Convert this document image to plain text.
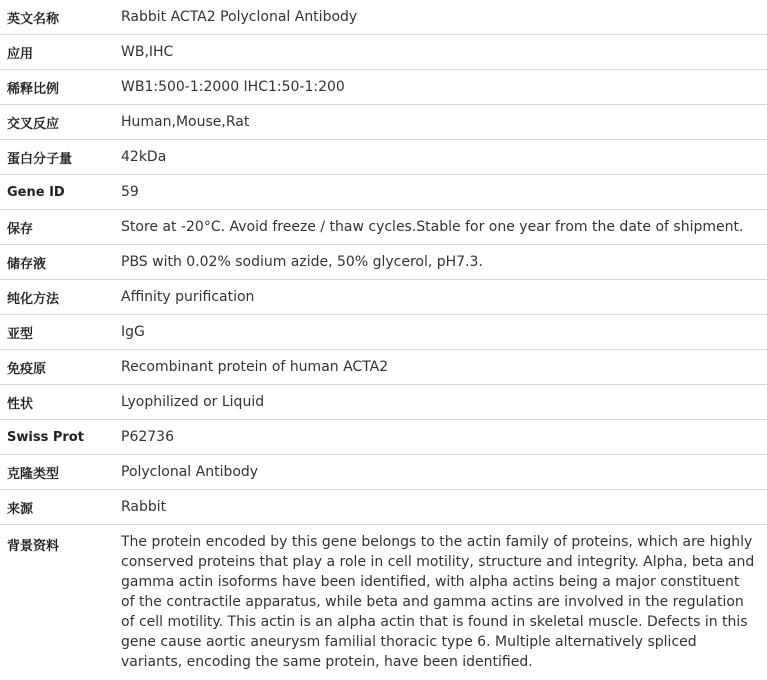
英文名称	Rabbit ACTA2 Polyclonal Antibody
应用	WB,IHC
稀释比例	WB1:500-1:2000 IHC1:50-1:200
交叉反应	Human,Mouse,Rat
蛋白分子量	42kDa
Gene ID	59
保存	Store at -20°C. Avoid freeze / thaw cycles.Stable for one year from the date of shipment.
储存液	PBS with 0.02% sodium azide, 50% glycerol, pH7.3.
纯化方法	Affinity purification
亚型	IgG
免疫原	Recombinant protein of human ACTA2
性状	Lyophilized or Liquid
Swiss Prot	P62736
克隆类型	Polyclonal Antibody
来源	Rabbit
背景资料	The protein encoded by this gene belongs to the actin family of proteins, which are highly conserved proteins that play a role in cell motility, structure and integrity. Alpha, beta and gamma actin isoforms have been identified, with alpha actins being a major constituent of the contractile apparatus, while beta and gamma actins are involved in the regulation of cell motility. This actin is an alpha actin that is found in skeletal muscle. Defects in this gene cause aortic aneurysm familial thoracic type 6. Multiple alternatively spliced variants, encoding the same protein, have been identified.
